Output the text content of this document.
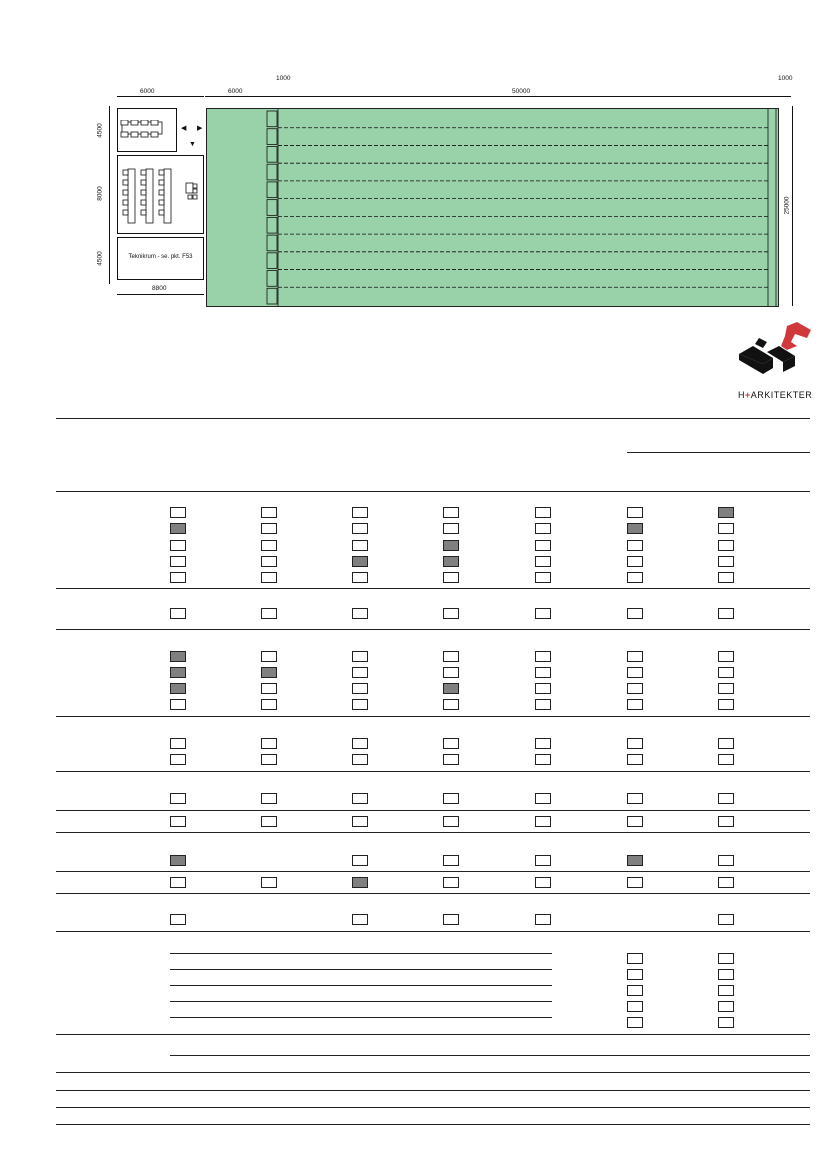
6000	6000
1000
50000
1000
4500
8000
4500
8800
25000
◀ ▶
▼
Teknikrum - se. pkt. F53
H+ARKITEKTER
